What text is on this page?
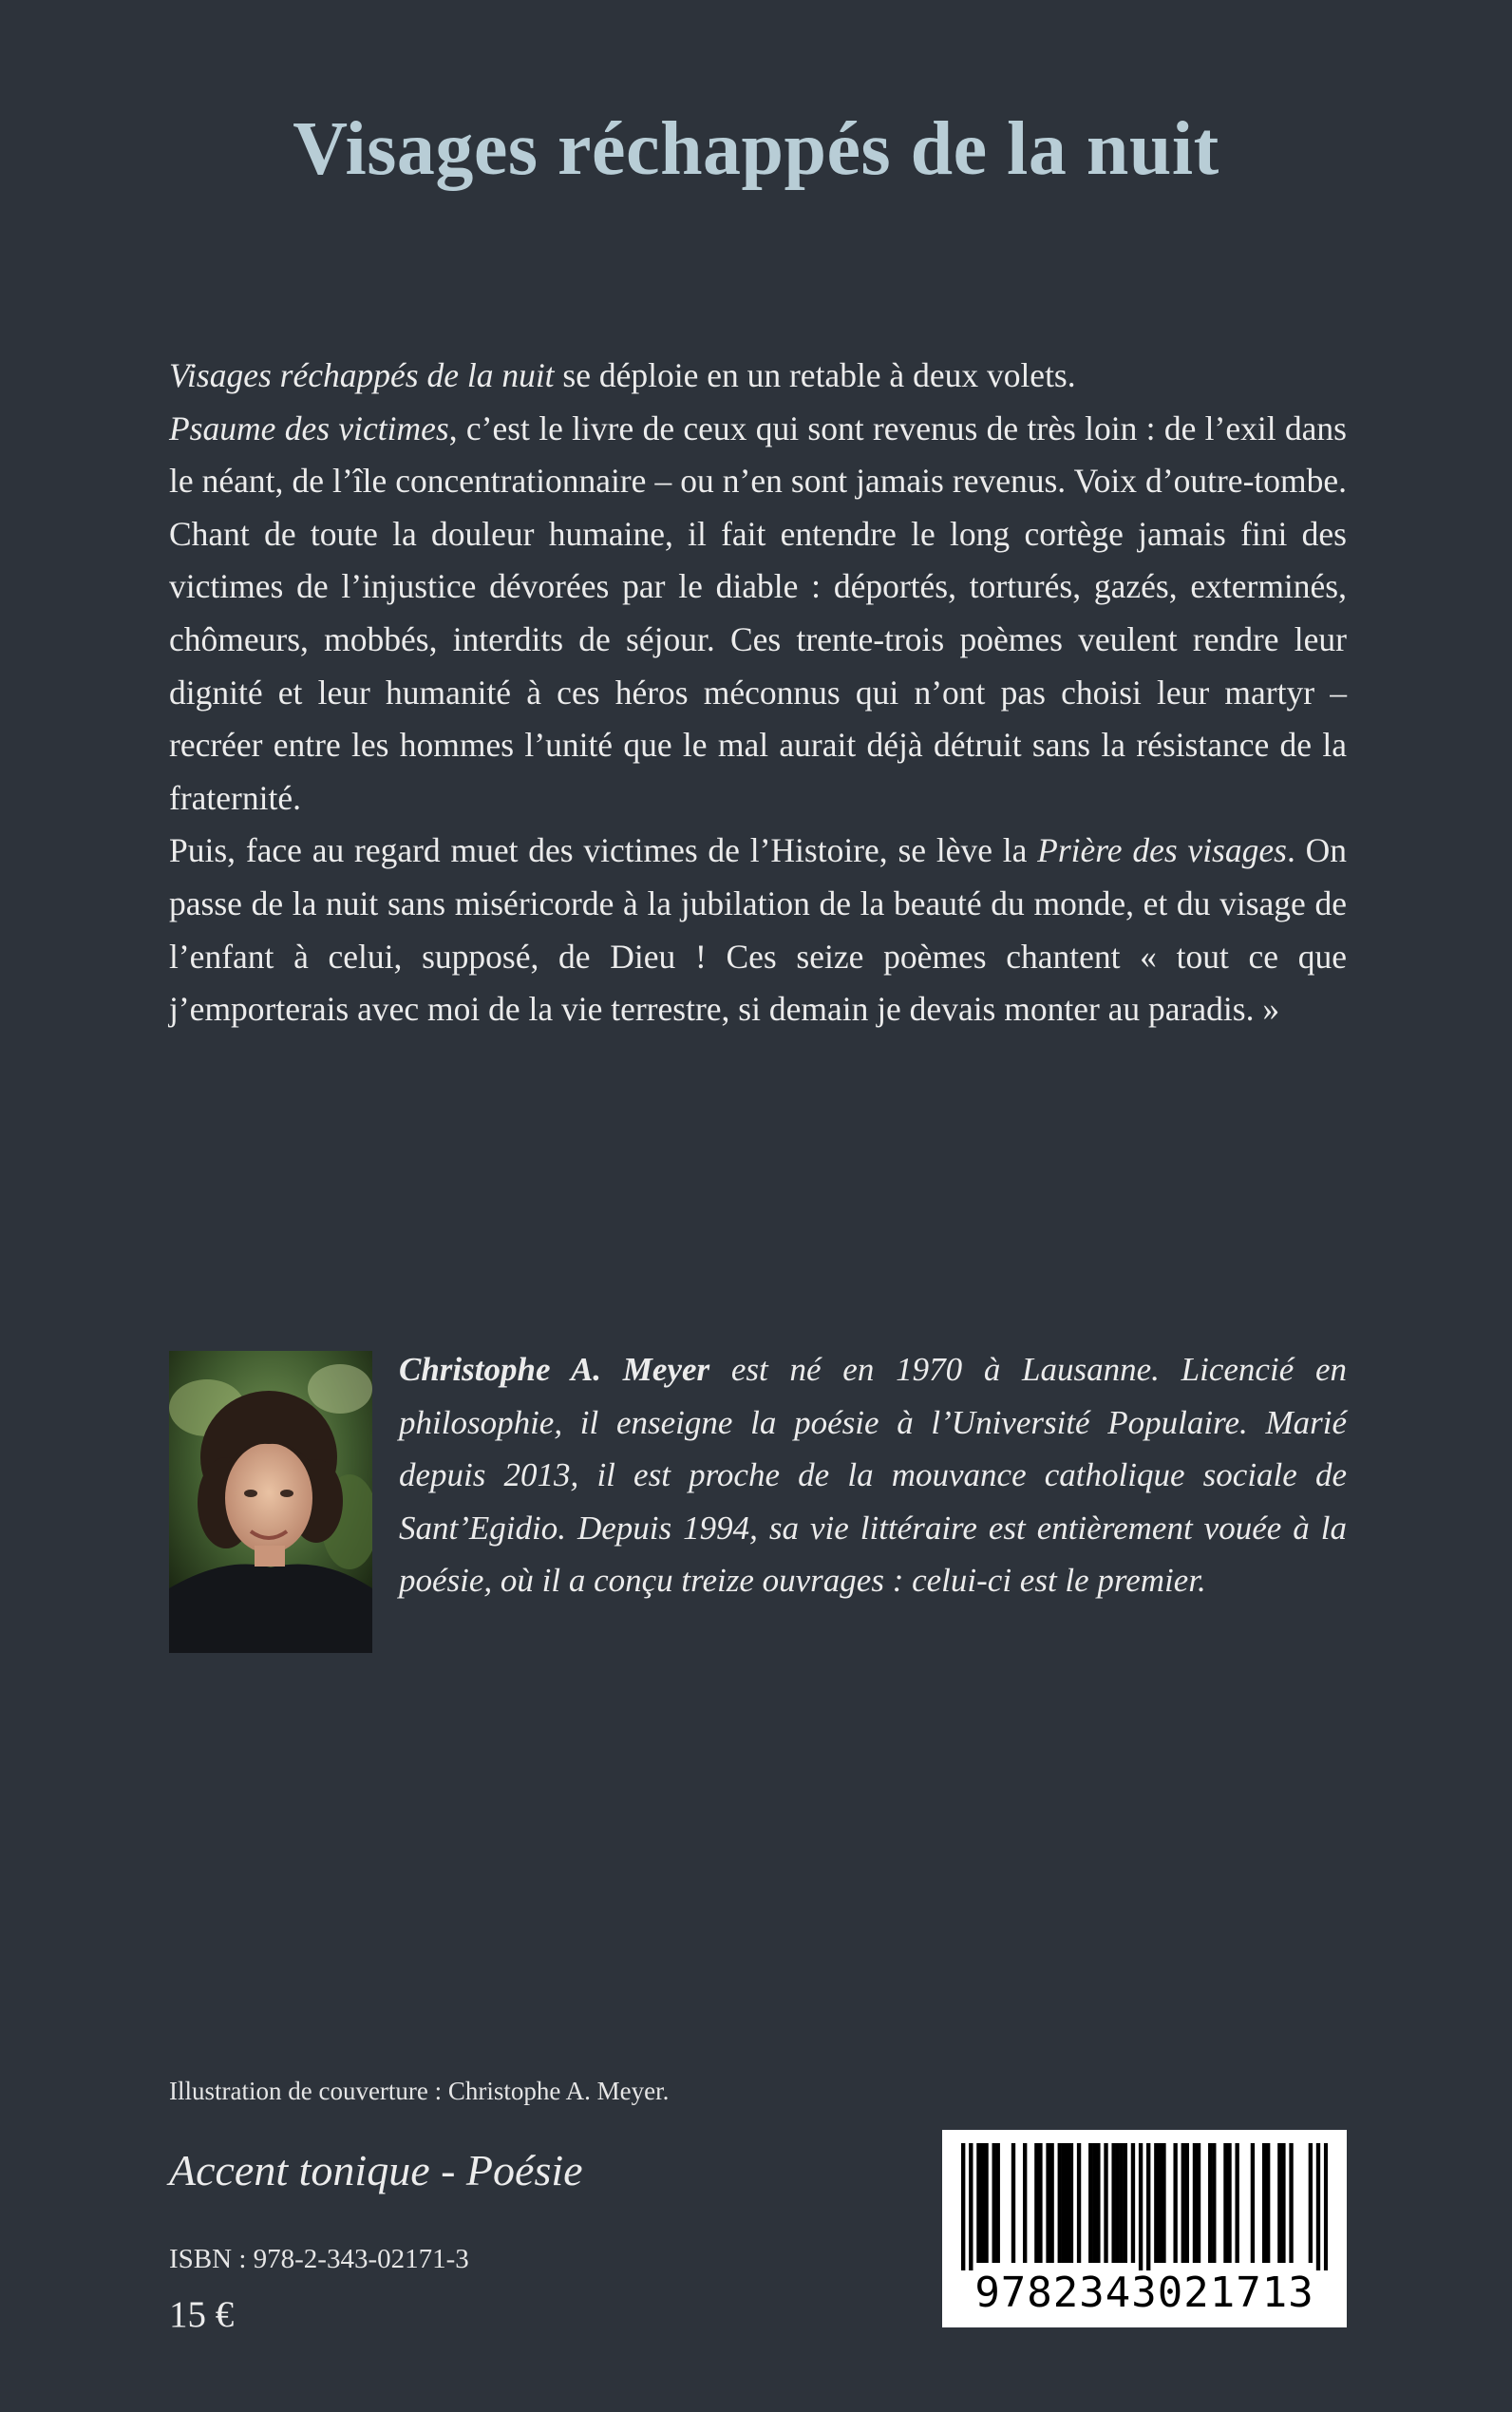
Visages réchappés de la nuit

Visages réchappés de la nuit se déploie en un retable à deux volets.

Psaume des victimes, c’est le livre de ceux qui sont revenus de très loin : de l’exil dans le néant, de l’île concentrationnaire – ou n’en sont jamais revenus. Voix d’outre-tombe. Chant de toute la douleur humaine, il fait entendre le long cortège jamais fini des victimes de l’injustice dévorées par le diable : déportés, torturés, gazés, exterminés, chômeurs, mobbés, interdits de séjour. Ces trente-trois poèmes veulent rendre leur dignité et leur humanité à ces héros méconnus qui n’ont pas choisi leur martyr – recréer entre les hommes l’unité que le mal aurait déjà détruit sans la résistance de la fraternité.

Puis, face au regard muet des victimes de l’Histoire, se lève la Prière des visages. On passe de la nuit sans miséricorde à la jubilation de la beauté du monde, et du visage de l’enfant à celui, supposé, de Dieu ! Ces seize poèmes chantent « tout ce que j’emporterais avec moi de la vie terrestre, si demain je devais monter au paradis. »

Christophe A. Meyer est né en 1970 à Lausanne. Licencié en philosophie, il enseigne la poésie à l’Université Populaire. Marié depuis 2013, il est proche de la mouvance catholique sociale de Sant’Egidio. Depuis 1994, sa vie littéraire est entièrement vouée à la poésie, où il a conçu treize ouvrages : celui-ci est le premier.

Illustration de couverture : Christophe A. Meyer.
Accent tonique - Poésie
ISBN : 978-2-343-02171-3
15 €	9782343021713
